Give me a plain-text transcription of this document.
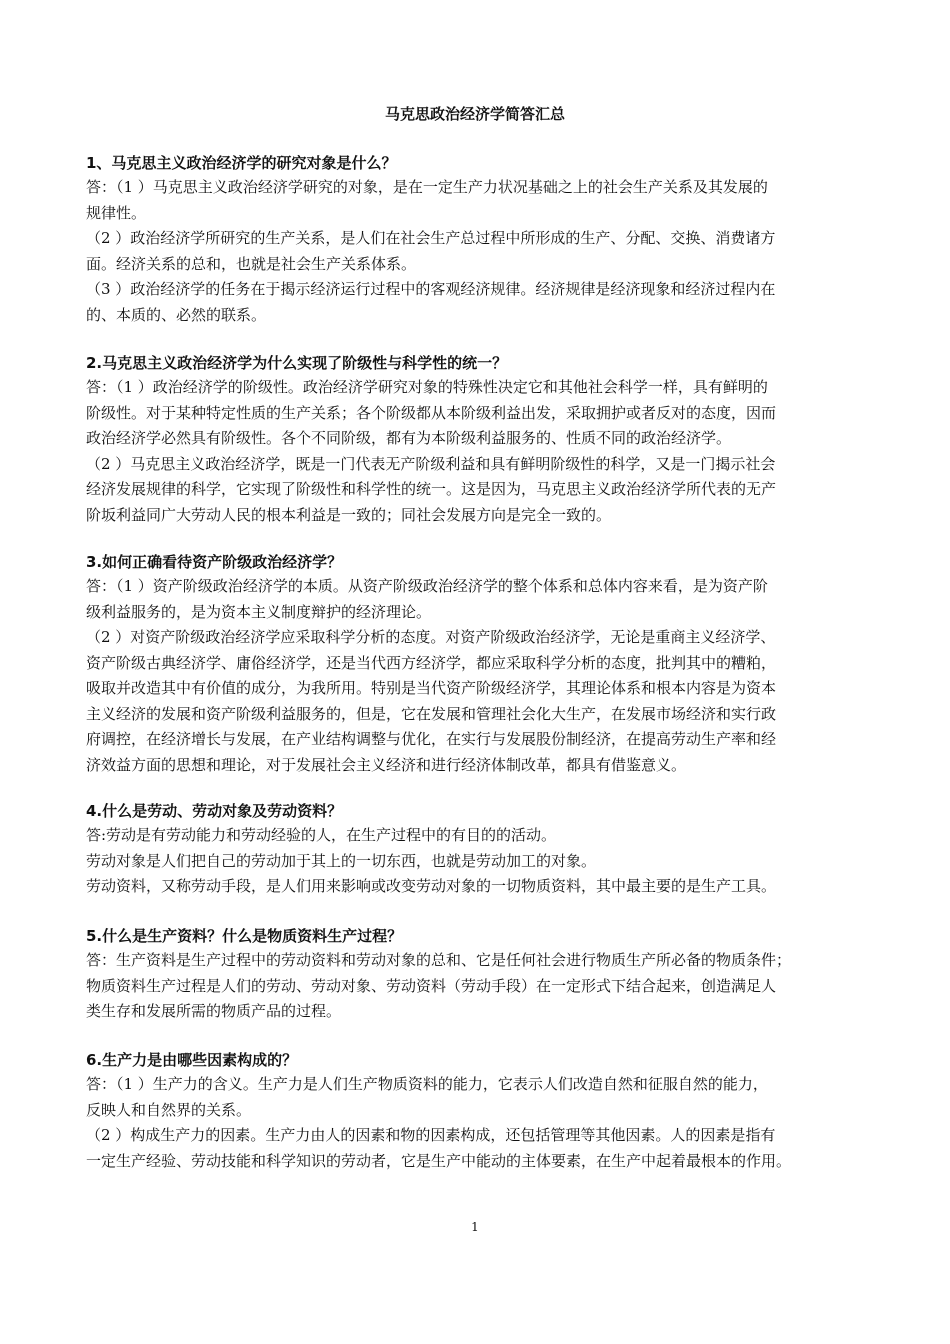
马克思政治经济学简答汇总
1、马克思主义政治经济学的研究对象是什么？
答：（1 ）马克思主义政治经济学研究的对象，是在一定生产力状况基础之上的社会生产关系及其发展的
规律性。
（2 ）政治经济学所研究的生产关系，是人们在社会生产总过程中所形成的生产、分配、交换、消费诸方
面。经济关系的总和，也就是社会生产关系体系。
（3 ）政治经济学的任务在于揭示经济运行过程中的客观经济规律。经济规律是经济现象和经济过程内在
的、本质的、必然的联系。
2.马克思主义政治经济学为什么实现了阶级性与科学性的统一？
答：（1 ）政治经济学的阶级性。政治经济学研究对象的特殊性决定它和其他社会科学一样，具有鲜明的
阶级性。对于某种特定性质的生产关系；各个阶级都从本阶级利益出发，采取拥护或者反对的态度，因而
政治经济学必然具有阶级性。各个不同阶级，都有为本阶级利益服务的、性质不同的政治经济学。
（2 ）马克思主义政治经济学，既是一门代表无产阶级利益和具有鲜明阶级性的科学，又是一门揭示社会
经济发展规律的科学，它实现了阶级性和科学性的统一。这是因为，马克思主义政治经济学所代表的无产
阶坂利益同广大劳动人民的根本利益是一致的；同社会发展方向是完全一致的。
3.如何正确看待资产阶级政治经济学？
答：（1 ）资产阶级政治经济学的本质。从资产阶级政治经济学的整个体系和总体内容来看，是为资产阶
级利益服务的，是为资本主义制度辩护的经济理论。
（2 ）对资产阶级政治经济学应采取科学分析的态度。对资产阶级政治经济学，无论是重商主义经济学、
资产阶级古典经济学、庸俗经济学，还是当代西方经济学，都应采取科学分析的态度，批判其中的糟粕，
吸取并改造其中有价值的成分，为我所用。特别是当代资产阶级经济学，其理论体系和根本内容是为资本
主义经济的发展和资产阶级利益服务的，但是，它在发展和管理社会化大生产，在发展市场经济和实行政
府调控，在经济增长与发展，在产业结构调整与优化，在实行与发展股份制经济，在提高劳动生产率和经
济效益方面的思想和理论，对于发展社会主义经济和进行经济体制改革，都具有借鉴意义。
4.什么是劳动、劳动对象及劳动资料？
答:劳动是有劳动能力和劳动经验的人，在生产过程中的有目的的活动。
劳动对象是人们把自己的劳动加于其上的一切东西，也就是劳动加工的对象。
劳动资料，又称劳动手段，是人们用来影响或改变劳动对象的一切物质资料，其中最主要的是生产工具。
5.什么是生产资料？什么是物质资料生产过程？
答：生产资料是生产过程中的劳动资料和劳动对象的总和、它是任何社会进行物质生产所必备的物质条件；
物质资料生产过程是人们的劳动、劳动对象、劳动资料（劳动手段）在一定形式下结合起来，创造满足人
类生存和发展所需的物质产品的过程。
6.生产力是由哪些因素构成的？
答：（1 ）生产力的含义。生产力是人们生产物质资料的能力，它表示人们改造自然和征服自然的能力，
反映人和自然界的关系。
（2 ）构成生产力的因素。生产力由人的因素和物的因素构成，还包括管理等其他因素。人的因素是指有
一定生产经验、劳动技能和科学知识的劳动者，它是生产中能动的主体要素，在生产中起着最根本的作用。
1
